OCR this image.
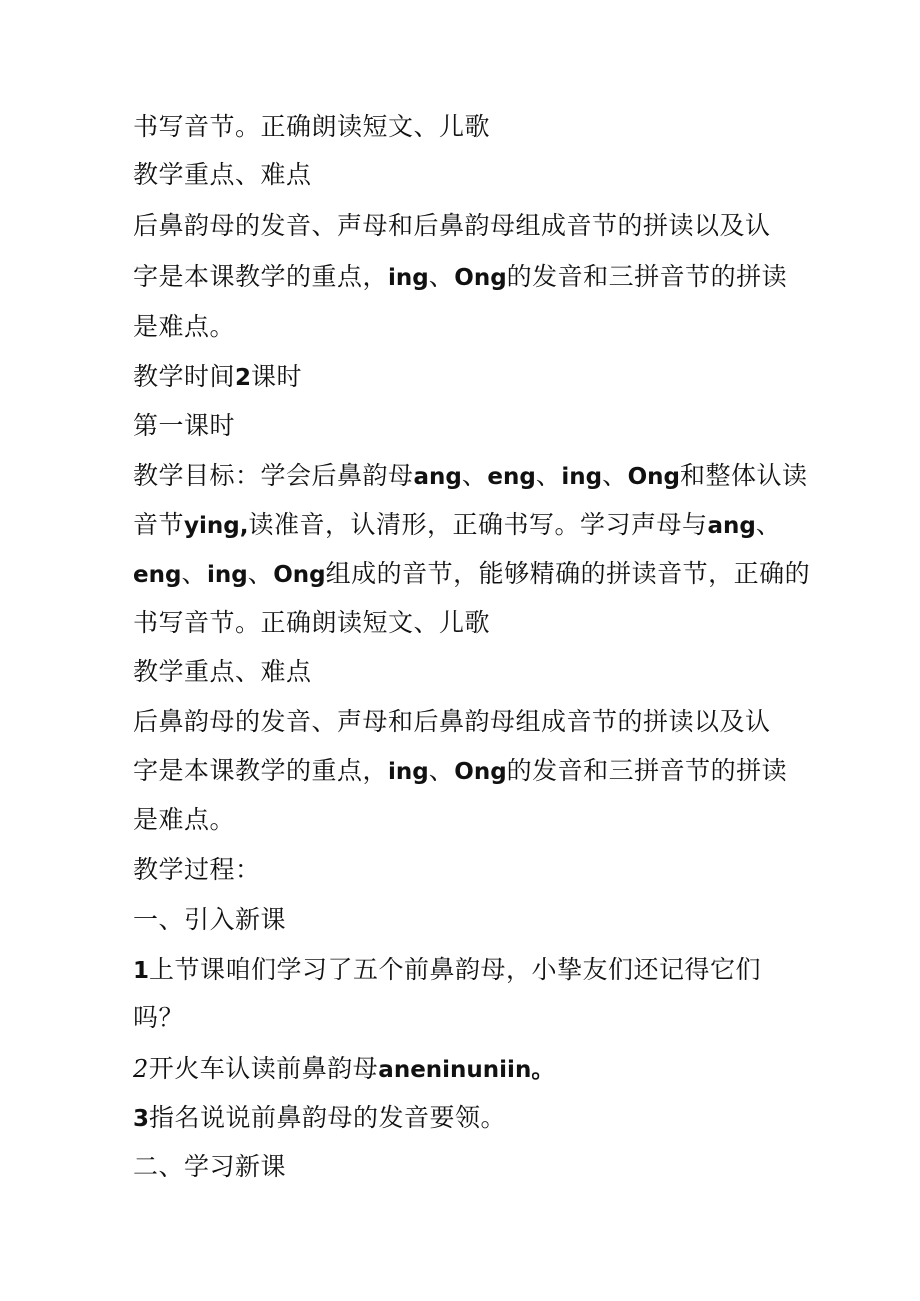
书写音节。正确朗读短文、儿歌
教学重点、难点
后鼻韵母的发音、声母和后鼻韵母组成音节的拼读以及认
字是本课教学的重点，ing、Ong的发音和三拼音节的拼读
是难点。
教学时间2课时
第一课时
教学目标：学会后鼻韵母ang、eng、ing、Ong和整体认读
音节ying,读准音，认清形，正确书写。学习声母与ang、
eng、ing、Ong组成的音节，能够精确的拼读音节，正确的
书写音节。正确朗读短文、儿歌
教学重点、难点
后鼻韵母的发音、声母和后鼻韵母组成音节的拼读以及认
字是本课教学的重点，ing、Ong的发音和三拼音节的拼读
是难点。
教学过程：
一、引入新课
1上节课咱们学习了五个前鼻韵母，小挚友们还记得它们
吗？
2开火车认读前鼻韵母aneninuniin。
3指名说说前鼻韵母的发音要领。
二、学习新课
